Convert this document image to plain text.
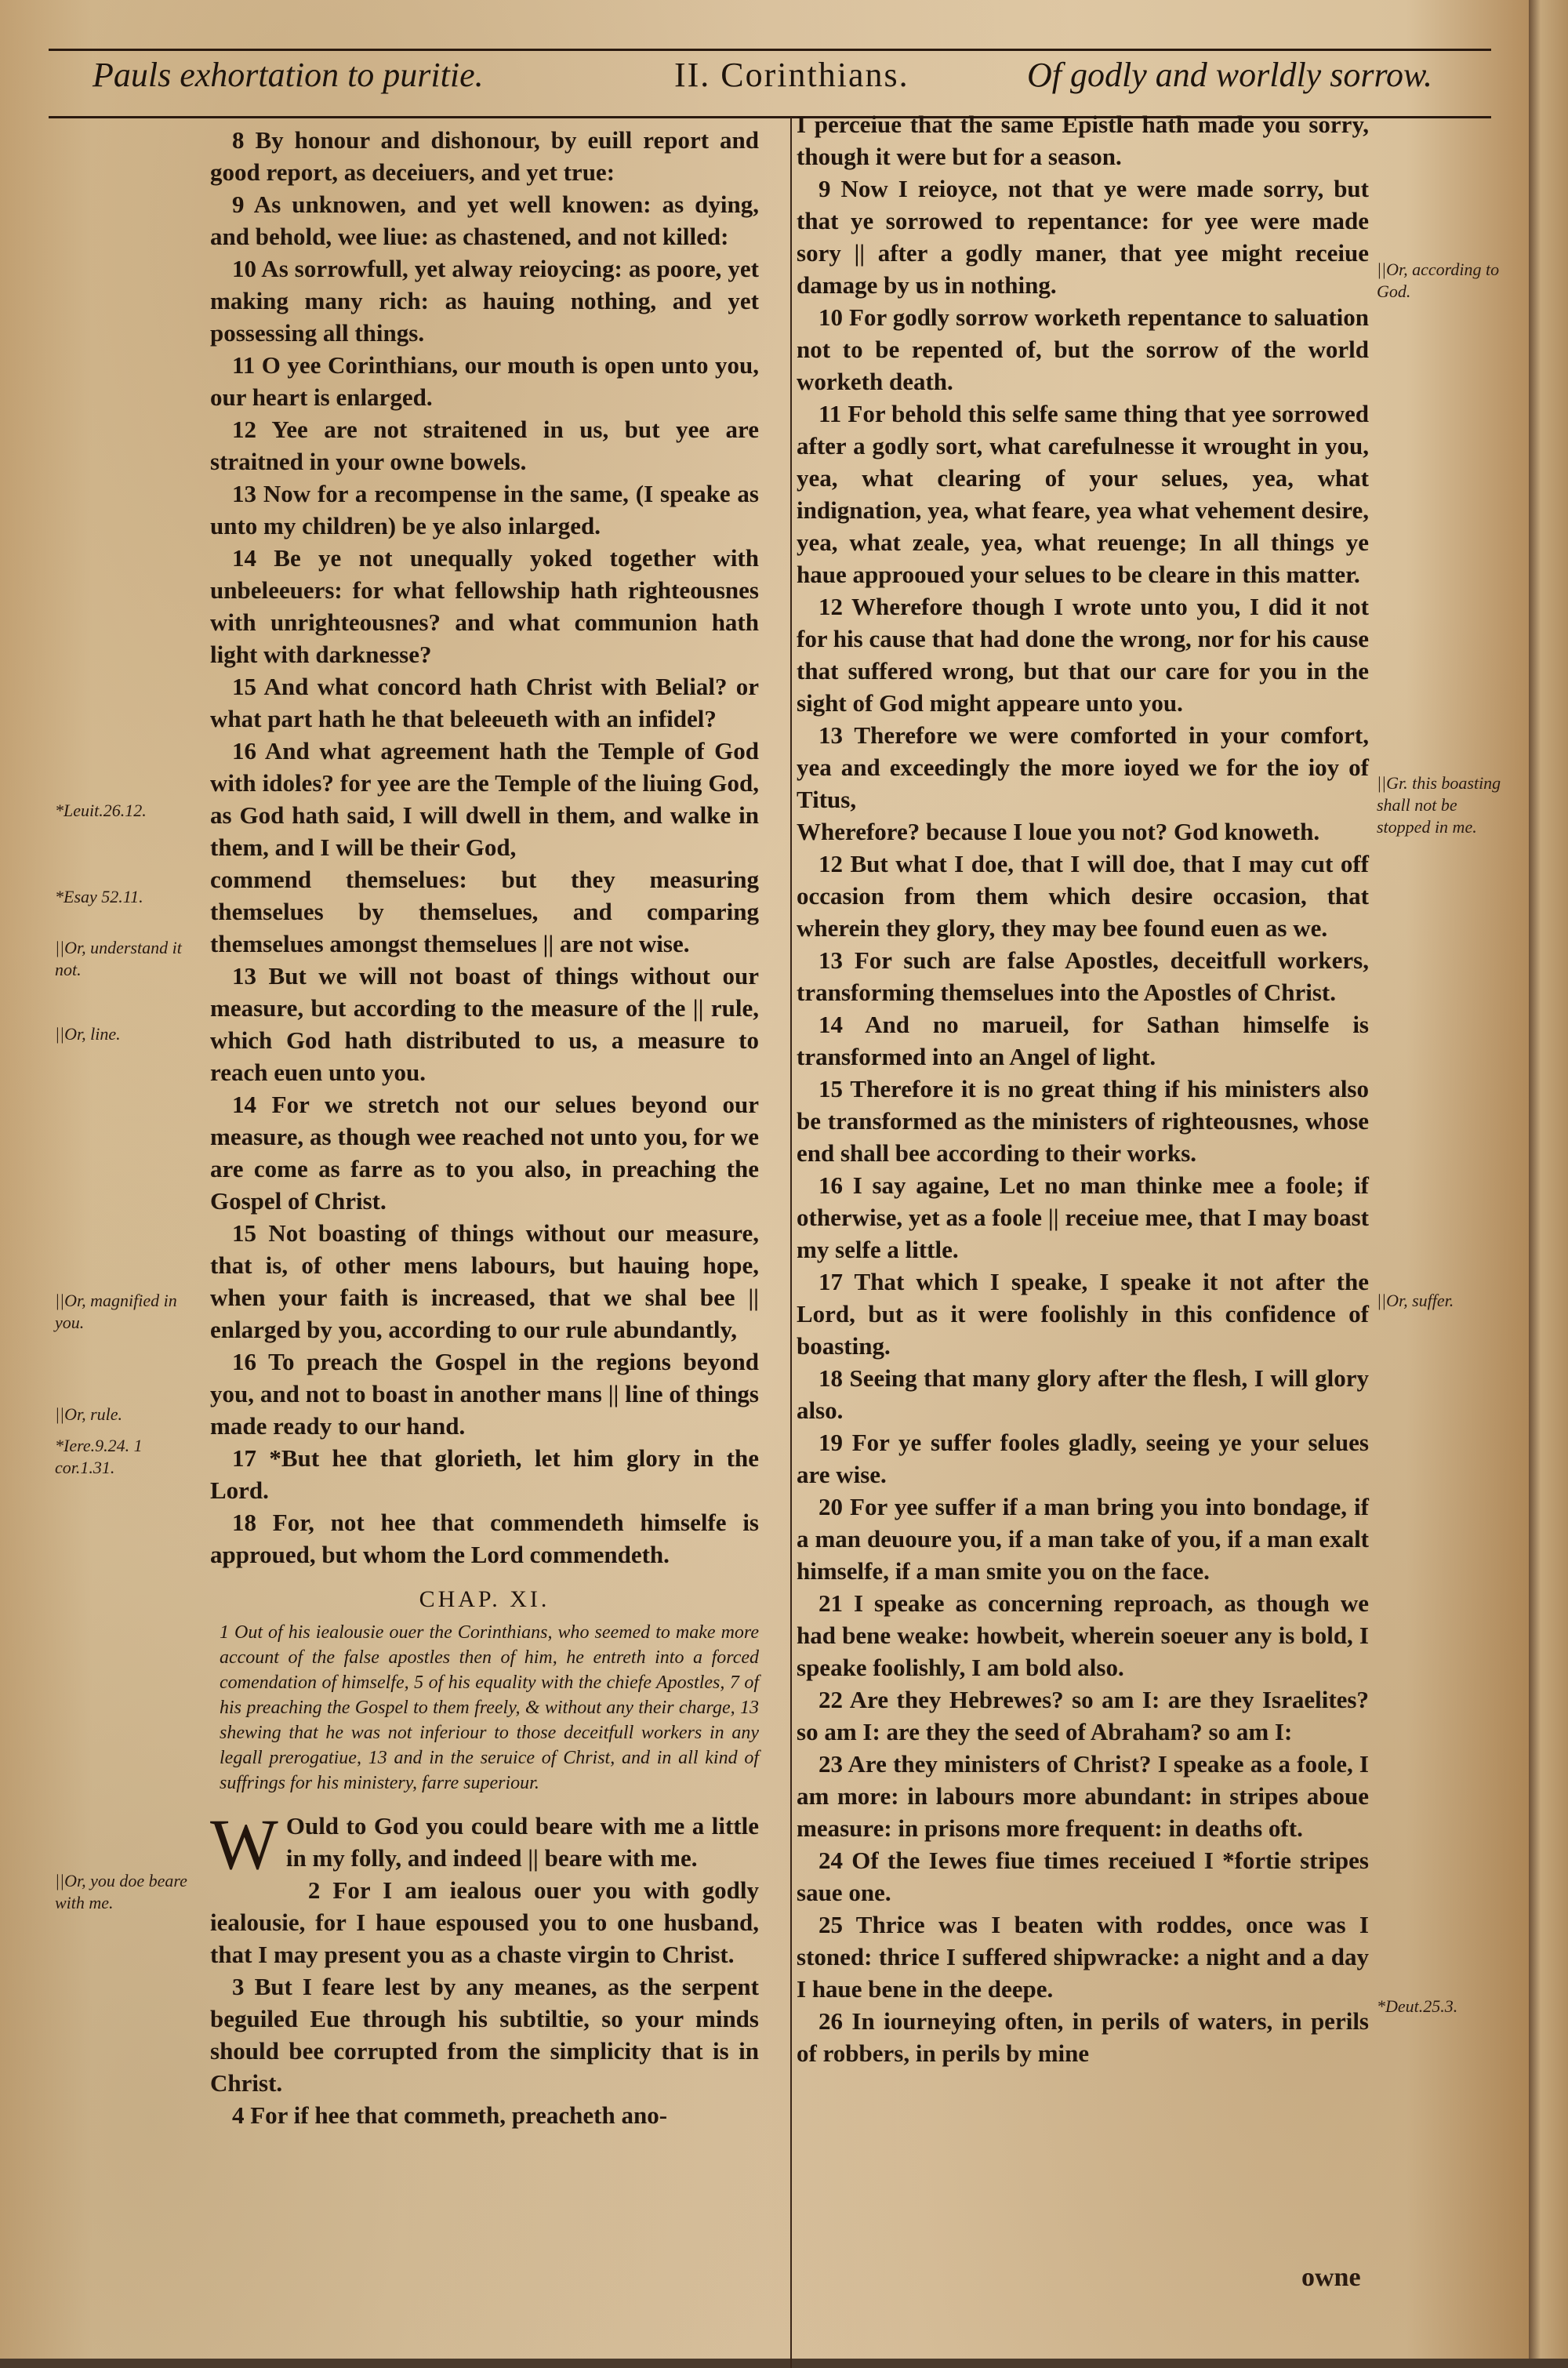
Pauls exhortation to puritie.	II. Corinthians.	Of godly and worldly sorrow.

8 By honour and dishonour, by euill report and good report, as deceiuers, and yet true:

9 As unknowen, and yet well knowen: as dying, and behold, wee liue: as chastened, and not killed:

10 As sorrowfull, yet alway reioycing: as poore, yet making many rich: as hauing nothing, and yet possessing all things.

11 O yee Corinthians, our mouth is open unto you, our heart is enlarged.

12 Yee are not straitened in us, but yee are straitned in your owne bowels.

13 Now for a recompense in the same, (I speake as unto my children) be ye also inlarged.

14 Be ye not unequally yoked together with unbeleeuers: for what fellowship hath righteousnes with unrighteousnes? and what communion hath light with darknesse?

15 And what concord hath Christ with Belial? or what part hath he that beleeueth with an infidel?

16 And what agreement hath the Temple of God with idoles? for yee are the Temple of the liuing God, as God hath said, I will dwell in them, and walke in them, and I will be their God,

commend themselues: but they measuring themselues by themselues, and comparing themselues amongst themselues || are not wise.

13 But we will not boast of things without our measure, but according to the measure of the || rule, which God hath distributed to us, a measure to reach euen unto you.

14 For we stretch not our selues beyond our measure, as though wee reached not unto you, for we are come as farre as to you also, in preaching the Gospel of Christ.

15 Not boasting of things without our measure, that is, of other mens labours, but hauing hope, when your faith is increased, that we shal bee || enlarged by you, according to our rule abundantly,

16 To preach the Gospel in the regions beyond you, and not to boast in another mans || line of things made ready to our hand.

17 *But hee that glorieth, let him glory in the Lord.

18 For, not hee that commendeth himselfe is approued, but whom the Lord commendeth.

CHAP. XI.
1 Out of his iealousie ouer the Corinthians, who seemed to make more account of the false apostles then of him, he entreth into a forced comendation of himselfe, 5 of his equality with the chiefe Apostles, 7 of his preaching the Gospel to them freely, & without any their charge, 13 shewing that he was not inferiour to those deceitfull workers in any legall prerogatiue, 13 and in the seruice of Christ, and in all kind of suffrings for his ministery, farre superiour.

W Ould to God you could beare with me a little in my folly, and indeed || beare with me.

2 For I am iealous ouer you with godly iealousie, for I haue espoused you to one husband, that I may present you as a chaste virgin to Christ.

3 But I feare lest by any meanes, as the serpent beguiled Eue through his subtiltie, so your minds should bee corrupted from the simplicity that is in Christ.

4 For if hee that commeth, preacheth ano-

I perceiue that the same Epistle hath made you sorry, though it were but for a season.

9 Now I reioyce, not that ye were made sorry, but that ye sorrowed to repentance: for yee were made sory || after a godly maner, that yee might receiue damage by us in nothing.

10 For godly sorrow worketh repentance to saluation not to be repented of, but the sorrow of the world worketh death.

11 For behold this selfe same thing that yee sorrowed after a godly sort, what carefulnesse it wrought in you, yea, what clearing of your selues, yea, what indignation, yea, what feare, yea what vehement desire, yea, what zeale, yea, what reuenge; In all things ye haue approoued your selues to be cleare in this matter.

12 Wherefore though I wrote unto you, I did it not for his cause that had done the wrong, nor for his cause that suffered wrong, but that our care for you in the sight of God might appeare unto you.

13 Therefore we were comforted in your comfort, yea and exceedingly the more ioyed we for the ioy of Titus,

Wherefore? because I loue you not? God knoweth.

12 But what I doe, that I will doe, that I may cut off occasion from them which desire occasion, that wherein they glory, they may bee found euen as we.

13 For such are false Apostles, deceitfull workers, transforming themselues into the Apostles of Christ.

14 And no marueil, for Sathan himselfe is transformed into an Angel of light.

15 Therefore it is no great thing if his ministers also be transformed as the ministers of righteousnes, whose end shall bee according to their works.

16 I say againe, Let no man thinke mee a foole; if otherwise, yet as a foole || receiue mee, that I may boast my selfe a little.

17 That which I speake, I speake it not after the Lord, but as it were foolishly in this confidence of boasting.

18 Seeing that many glory after the flesh, I will glory also.

19 For ye suffer fooles gladly, seeing ye your selues are wise.

20 For yee suffer if a man bring you into bondage, if a man deuoure you, if a man take of you, if a man exalt himselfe, if a man smite you on the face.

21 I speake as concerning reproach, as though we had bene weake: howbeit, wherein soeuer any is bold, I speake foolishly, I am bold also.

22 Are they Hebrewes? so am I: are they Israelites? so am I: are they the seed of Abraham? so am I:

23 Are they ministers of Christ? I speake as a foole, I am more: in labours more abundant: in stripes aboue measure: in prisons more frequent: in deaths oft.

24 Of the Iewes fiue times receiued I *fortie stripes saue one.

25 Thrice was I beaten with roddes, once was I stoned: thrice I suffered shipwracke: a night and a day I haue bene in the deepe.

26 In iourneying often, in perils of waters, in perils of robbers, in perils by mine

owne
*Leuit.26.12.
*Esay 52.11.
||Or, understand it not.
||Or, line.
||Or, magnified in you.
||Or, rule.
*Iere.9.24. 1 cor.1.31.
||Or, you doe beare with me.
||Or, according to God.
||Gr. this boasting shall not be stopped in me.
||Or, suffer.
*Deut.25.3.
